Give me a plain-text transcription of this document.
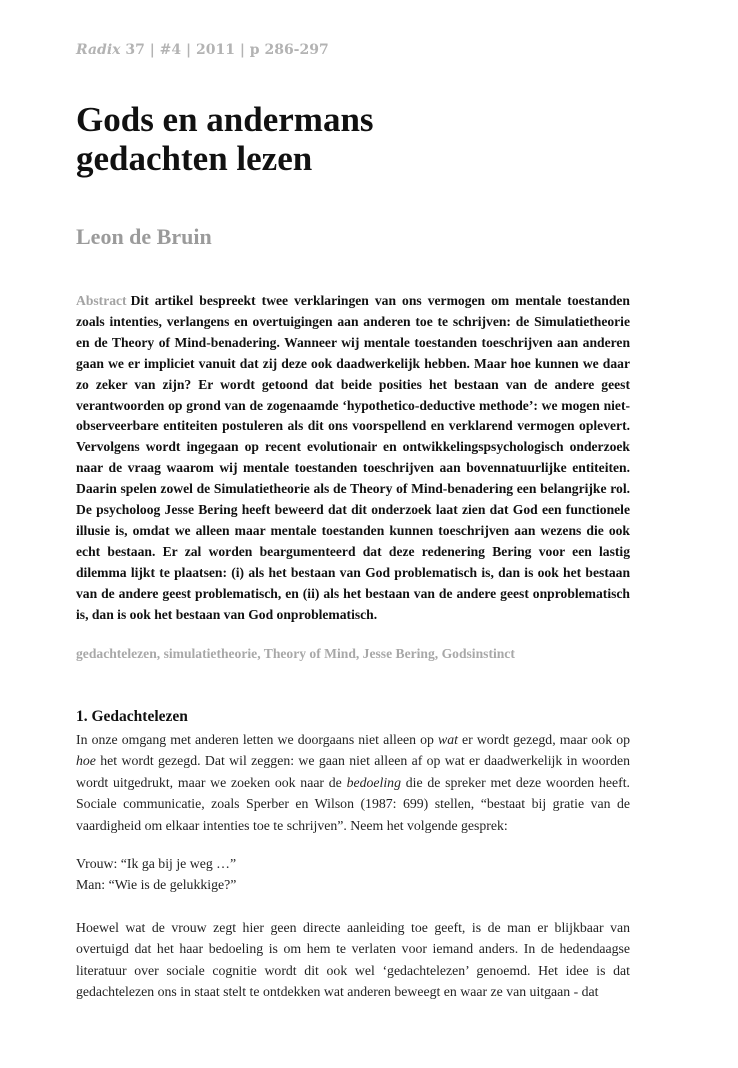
Radix 37 | #4 | 2011 | p 286-297
Gods en andermans
gedachten lezen
Leon de Bruin
Abstract Dit artikel bespreekt twee verklaringen van ons vermogen om mentale toestanden zoals intenties, verlangens en overtuigingen aan anderen toe te schrijven: de Simulatietheorie en de Theory of Mind-benadering. Wanneer wij mentale toestanden toeschrijven aan anderen gaan we er impliciet vanuit dat zij deze ook daadwerkelijk hebben. Maar hoe kunnen we daar zo zeker van zijn? Er wordt getoond dat beide posities het bestaan van de andere geest verantwoorden op grond van de zogenaamde ‘hypothetico-deductive methode’: we mogen niet-observeerbare entiteiten postuleren als dit ons voorspellend en verklarend vermogen oplevert. Vervolgens wordt ingegaan op recent evolutionair en ontwikkelingspsychologisch onderzoek naar de vraag waarom wij mentale toestanden toeschrijven aan bovennatuurlijke entiteiten. Daarin spelen zowel de Simulatietheorie als de Theory of Mind-benadering een belangrijke rol. De psycholoog Jesse Bering heeft beweerd dat dit onderzoek laat zien dat God een functionele illusie is, omdat we alleen maar mentale toestanden kunnen toeschrijven aan wezens die ook echt bestaan. Er zal worden beargumenteerd dat deze redenering Bering voor een lastig dilemma lijkt te plaatsen: (i) als het bestaan van God problematisch is, dan is ook het bestaan van de andere geest problematisch, en (ii) als het bestaan van de andere geest onproblematisch is, dan is ook het bestaan van God onproblematisch.
gedachtelezen, simulatietheorie, Theory of Mind, Jesse Bering, Godsinstinct
1. Gedachtelezen

In onze omgang met anderen letten we doorgaans niet alleen op wat er wordt gezegd, maar ook op hoe het wordt gezegd. Dat wil zeggen: we gaan niet alleen af op wat er daadwerkelijk in woorden wordt uitgedrukt, maar we zoeken ook naar de bedoeling die de spreker met deze woorden heeft. Sociale communicatie, zoals Sperber en Wilson (1987: 699) stellen, “bestaat bij gratie van de vaardigheid om elkaar intenties toe te schrijven”. Neem het volgende gesprek:

Vrouw: “Ik ga bij je weg …”
Man: “Wie is de gelukkige?”

Hoewel wat de vrouw zegt hier geen directe aanleiding toe geeft, is de man er blijkbaar van overtuigd dat het haar bedoeling is om hem te verlaten voor iemand anders. In de hedendaagse literatuur over sociale cognitie wordt dit ook wel ‘gedachtelezen’ genoemd. Het idee is dat gedachtelezen ons in staat stelt te ontdekken wat anderen beweegt en waar ze van uitgaan - dat
